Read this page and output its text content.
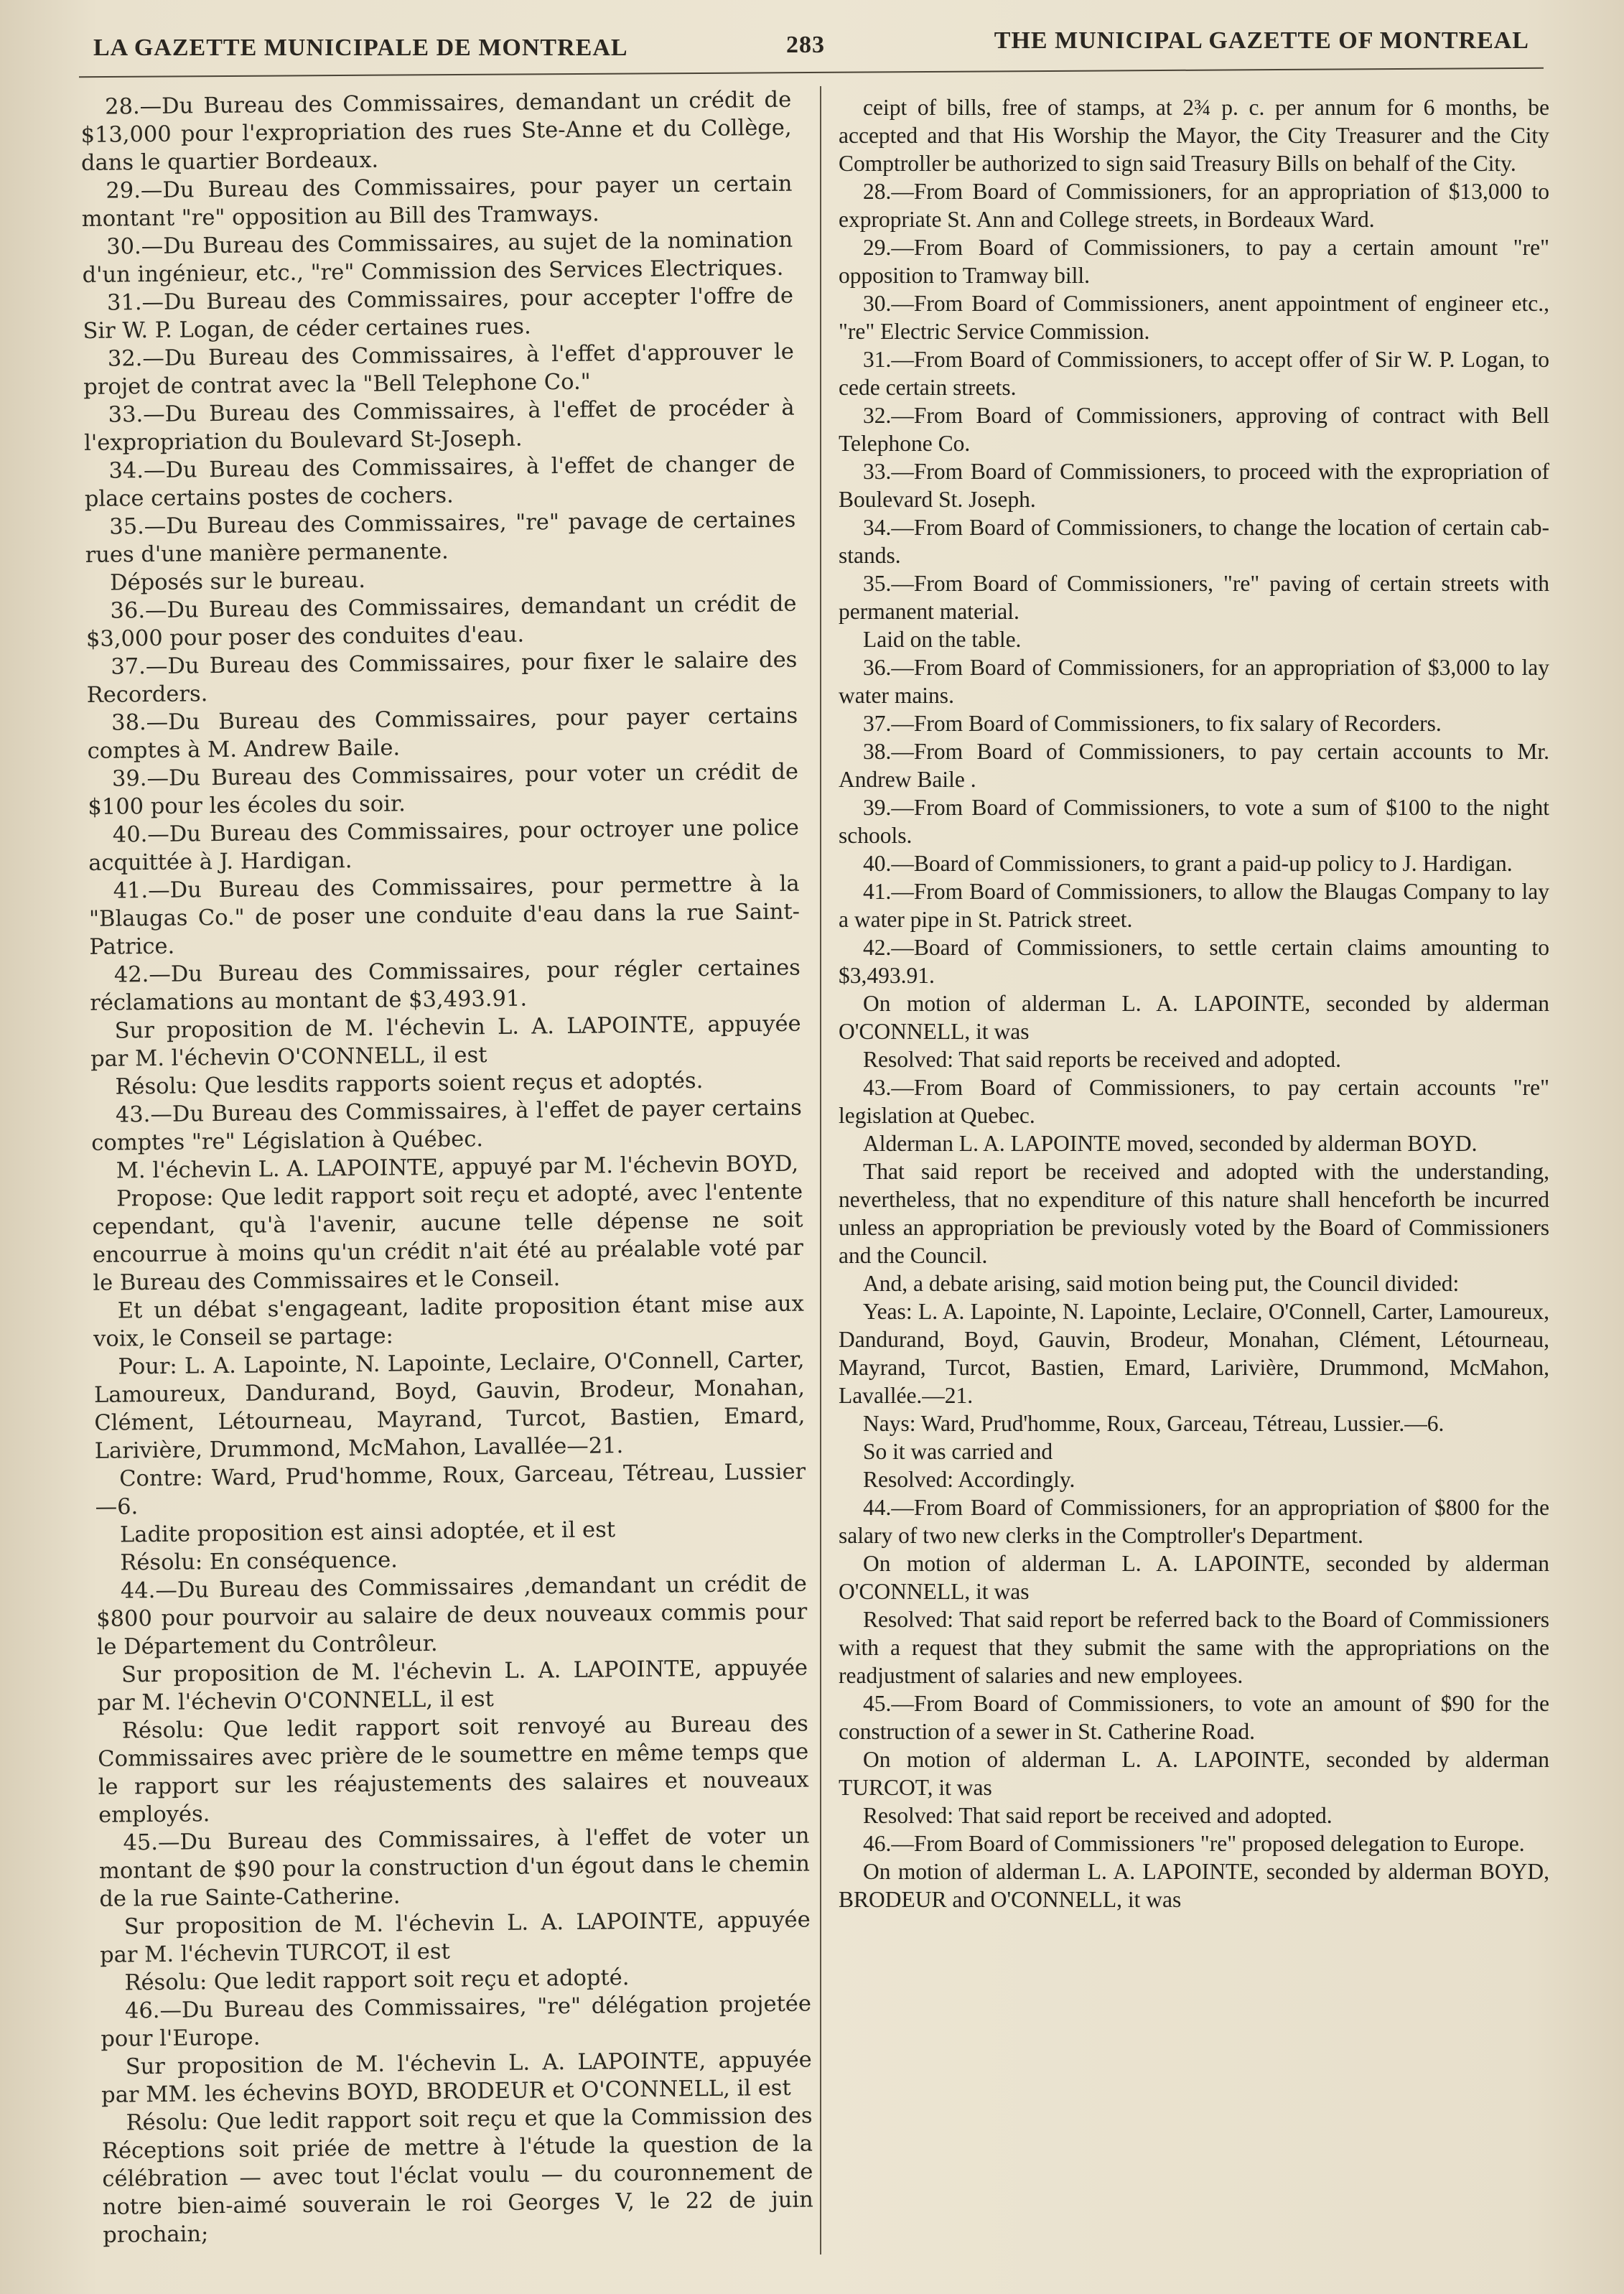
LA GAZETTE MUNICIPALE DE MONTREAL	283	THE MUNICIPAL GAZETTE OF MONTREAL

28.—Du Bureau des Commissaires, demandant un crédit de $13,000 pour l'expropriation des rues Ste-Anne et du Collège, dans le quartier Bordeaux.

29.—Du Bureau des Commissaires, pour payer un certain montant "re" opposition au Bill des Tramways.

30.—Du Bureau des Commissaires, au sujet de la nomination d'un ingénieur, etc., "re" Commission des Services Electriques.

31.—Du Bureau des Commissaires, pour accepter l'offre de Sir W. P. Logan, de céder certaines rues.

32.—Du Bureau des Commissaires, à l'effet d'approuver le projet de contrat avec la "Bell Telephone Co."

33.—Du Bureau des Commissaires, à l'effet de procéder à l'expropriation du Boulevard St-Joseph.

34.—Du Bureau des Commissaires, à l'effet de changer de place certains postes de cochers.

35.—Du Bureau des Commissaires, "re" pavage de certaines rues d'une manière permanente.

Déposés sur le bureau.

36.—Du Bureau des Commissaires, demandant un crédit de $3,000 pour poser des conduites d'eau.

37.—Du Bureau des Commissaires, pour fixer le salaire des Recorders.

38.—Du Bureau des Commissaires, pour payer certains comptes à M. Andrew Baile.

39.—Du Bureau des Commissaires, pour voter un crédit de $100 pour les écoles du soir.

40.—Du Bureau des Commissaires, pour octroyer une police acquittée à J. Hardigan.

41.—Du Bureau des Commissaires, pour permettre à la "Blaugas Co." de poser une conduite d'eau dans la rue Saint-Patrice.

42.—Du Bureau des Commissaires, pour régler certaines réclamations au montant de $3,493.91.

Sur proposition de M. l'échevin L. A. LAPOINTE, appuyée par M. l'échevin O'CONNELL, il est

Résolu: Que lesdits rapports soient reçus et adoptés.

43.—Du Bureau des Commissaires, à l'effet de payer certains comptes "re" Législation à Québec.

M. l'échevin L. A. LAPOINTE, appuyé par M. l'échevin BOYD,

Propose: Que ledit rapport soit reçu et adopté, avec l'entente cependant, qu'à l'avenir, aucune telle dépense ne soit encourrue à moins qu'un crédit n'ait été au préalable voté par le Bureau des Commissaires et le Conseil.

Et un débat s'engageant, ladite proposition étant mise aux voix, le Conseil se partage:

Pour: L. A. Lapointe, N. Lapointe, Leclaire, O'Connell, Carter, Lamoureux, Dandurand, Boyd, Gauvin, Brodeur, Monahan, Clément, Létourneau, Mayrand, Turcot, Bastien, Emard, Larivière, Drummond, McMahon, Lavallée—21.

Contre: Ward, Prud'homme, Roux, Garceau, Tétreau, Lussier—6.

Ladite proposition est ainsi adoptée, et il est

Résolu: En conséquence.

44.—Du Bureau des Commissaires ,demandant un crédit de $800 pour pourvoir au salaire de deux nouveaux commis pour le Département du Contrôleur.

Sur proposition de M. l'échevin L. A. LAPOINTE, appuyée par M. l'échevin O'CONNELL, il est

Résolu: Que ledit rapport soit renvoyé au Bureau des Commissaires avec prière de le soumettre en même temps que le rapport sur les réajustements des salaires et nouveaux employés.

45.—Du Bureau des Commissaires, à l'effet de voter un montant de $90 pour la construction d'un égout dans le chemin de la rue Sainte-Catherine.

Sur proposition de M. l'échevin L. A. LAPOINTE, appuyée par M. l'échevin TURCOT, il est

Résolu: Que ledit rapport soit reçu et adopté.

46.—Du Bureau des Commissaires, "re" délégation projetée pour l'Europe.

Sur proposition de M. l'échevin L. A. LAPOINTE, appuyée par MM. les échevins BOYD, BRODEUR et O'CONNELL, il est

Résolu: Que ledit rapport soit reçu et que la Commission des Réceptions soit priée de mettre à l'étude la question de la célébration — avec tout l'éclat voulu — du couronnement de notre bien-aimé souverain le roi Georges V, le 22 de juin prochain;

ceipt of bills, free of stamps, at 2¾ p. c. per annum for 6 months, be accepted and that His Worship the Mayor, the City Treasurer and the City Comptroller be authorized to sign said Treasury Bills on behalf of the City.

28.—From Board of Commissioners, for an appropriation of $13,000 to expropriate St. Ann and College streets, in Bordeaux Ward.

29.—From Board of Commissioners, to pay a certain amount "re" opposition to Tramway bill.

30.—From Board of Commissioners, anent appointment of engineer etc., "re" Electric Service Commission.

31.—From Board of Commissioners, to accept offer of Sir W. P. Logan, to cede certain streets.

32.—From Board of Commissioners, approving of contract with Bell Telephone Co.

33.—From Board of Commissioners, to proceed with the expropriation of Boulevard St. Joseph.

34.—From Board of Commissioners, to change the location of certain cab-stands.

35.—From Board of Commissioners, "re" paving of certain streets with permanent material.

Laid on the table.

36.—From Board of Commissioners, for an appropriation of $3,000 to lay water mains.

37.—From Board of Commissioners, to fix salary of Recorders.

38.—From Board of Commissioners, to pay certain accounts to Mr. Andrew Baile .

39.—From Board of Commissioners, to vote a sum of $100 to the night schools.

40.—Board of Commissioners, to grant a paid-up policy to J. Hardigan.

41.—From Board of Commissioners, to allow the Blaugas Company to lay a water pipe in St. Patrick street.

42.—Board of Commissioners, to settle certain claims amounting to $3,493.91.

On motion of alderman L. A. LAPOINTE, seconded by alderman O'CONNELL, it was

Resolved: That said reports be received and adopted.

43.—From Board of Commissioners, to pay certain accounts "re" legislation at Quebec.

Alderman L. A. LAPOINTE moved, seconded by alderman BOYD.

That said report be received and adopted with the understanding, nevertheless, that no expenditure of this nature shall henceforth be incurred unless an appropriation be previously voted by the Board of Commissioners and the Council.

And, a debate arising, said motion being put, the Council divided:

Yeas: L. A. Lapointe, N. Lapointe, Leclaire, O'Connell, Carter, Lamoureux, Dandurand, Boyd, Gauvin, Brodeur, Monahan, Clément, Létourneau, Mayrand, Turcot, Bastien, Emard, Larivière, Drummond, McMahon, Lavallée.—21.

Nays: Ward, Prud'homme, Roux, Garceau, Tétreau, Lussier.—6.

So it was carried and

Resolved: Accordingly.

44.—From Board of Commissioners, for an appropriation of $800 for the salary of two new clerks in the Comptroller's Department.

On motion of alderman L. A. LAPOINTE, seconded by alderman O'CONNELL, it was

Resolved: That said report be referred back to the Board of Commissioners with a request that they submit the same with the appropriations on the readjustment of salaries and new employees.

45.—From Board of Commissioners, to vote an amount of $90 for the construction of a sewer in St. Catherine Road.

On motion of alderman L. A. LAPOINTE, seconded by alderman TURCOT, it was

Resolved: That said report be received and adopted.

46.—From Board of Commissioners "re" proposed delegation to Europe.

On motion of alderman L. A. LAPOINTE, seconded by alderman BOYD, BRODEUR and O'CONNELL, it was
